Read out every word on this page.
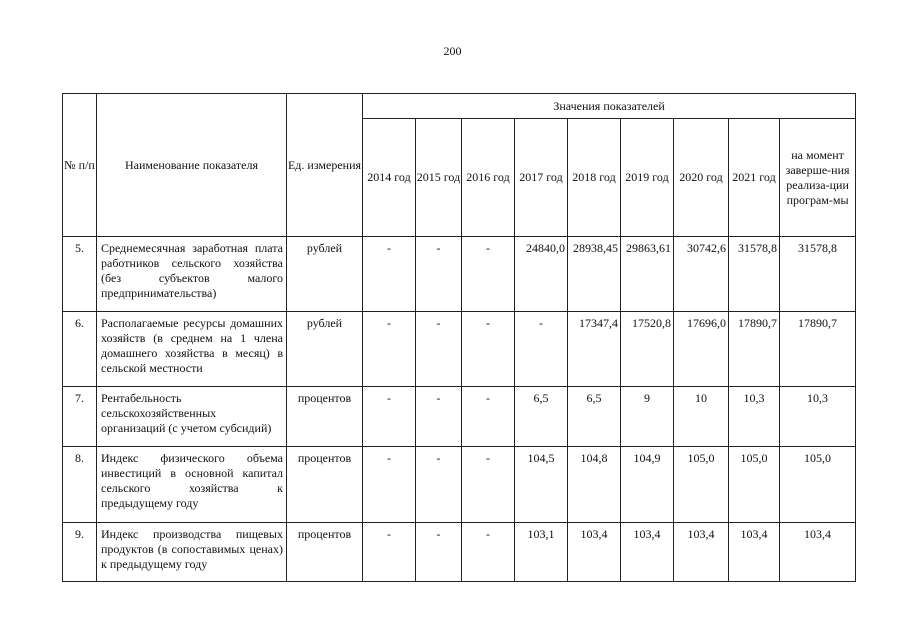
200
№ п/п	Наименование показателя	Ед. измерения	Значения показателей								
			2014 год	2015 год	2016 год	2017 год	2018 год	2019 год	2020 год	2021 год	на момент заверше-ния реализа-ции програм-мы
5.	Среднемесячная заработная плата работников сельского хозяйства (без субъектов малого предпринимательства)	рублей	-	-	-	24840,0	28938,45	29863,61	30742,6	31578,8	31578,8
6.	Располагаемые ресурсы домашних хозяйств (в среднем на 1 члена домашнего хозяйства в месяц) в сельской местности	рублей	-	-	-	-	17347,4	17520,8	17696,0	17890,7	17890,7
7.	Рентабельность сельскохозяйственных организаций (с учетом субсидий)	процентов	-	-	-	6,5	6,5	9	10	10,3	10,3
8.	Индекс физического объема инвестиций в основной капитал сельского хозяйства к предыдущему году	процентов	-	-	-	104,5	104,8	104,9	105,0	105,0	105,0
9.	Индекс производства пищевых продуктов (в сопоставимых ценах) к предыдущему году	процентов	-	-	-	103,1	103,4	103,4	103,4	103,4	103,4
